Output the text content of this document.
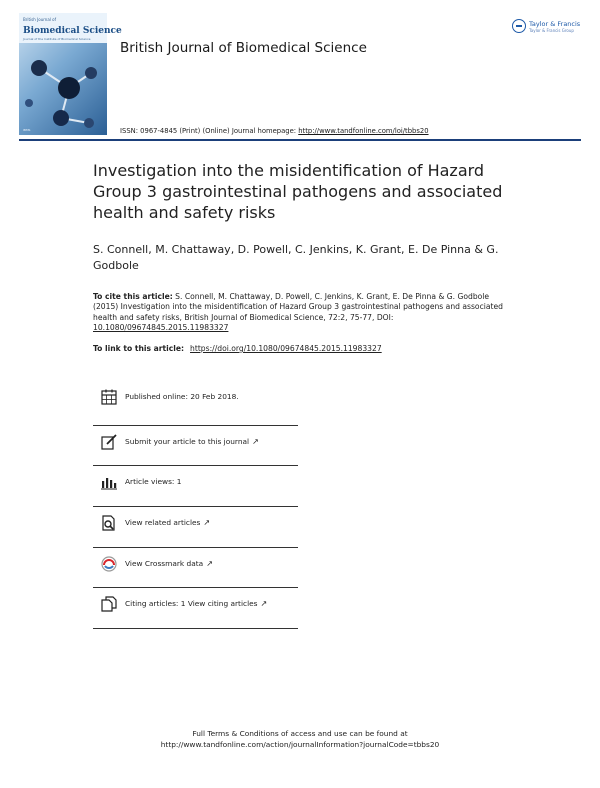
British Journal of
Biomedical Science
Journal of the Institute of Biomedical Science
IBMS
British Journal of Biomedical Science
Taylor & Francis
Taylor & Francis Group
ISSN: 0967-4845 (Print) (Online) Journal homepage: http://www.tandfonline.com/loi/tbbs20
Investigation into the misidentification of Hazard Group 3 gastrointestinal pathogens and associated health and safety risks
S. Connell, M. Chattaway, D. Powell, C. Jenkins, K. Grant, E. De Pinna & G. Godbole
To cite this article: S. Connell, M. Chattaway, D. Powell, C. Jenkins, K. Grant, E. De Pinna & G. Godbole (2015) Investigation into the misidentification of Hazard Group 3 gastrointestinal pathogens and associated health and safety risks, British Journal of Biomedical Science, 72:2, 75-77, DOI: 10.1080/09674845.2015.11983327
To link to this article: https://doi.org/10.1080/09674845.2015.11983327
Published online: 20 Feb 2018.
Submit your article to this journal ↗
Article views: 1
View related articles ↗
View Crossmark data ↗
Citing articles: 1 View citing articles ↗
Full Terms & Conditions of access and use can be found at
http://www.tandfonline.com/action/journalInformation?journalCode=tbbs20
